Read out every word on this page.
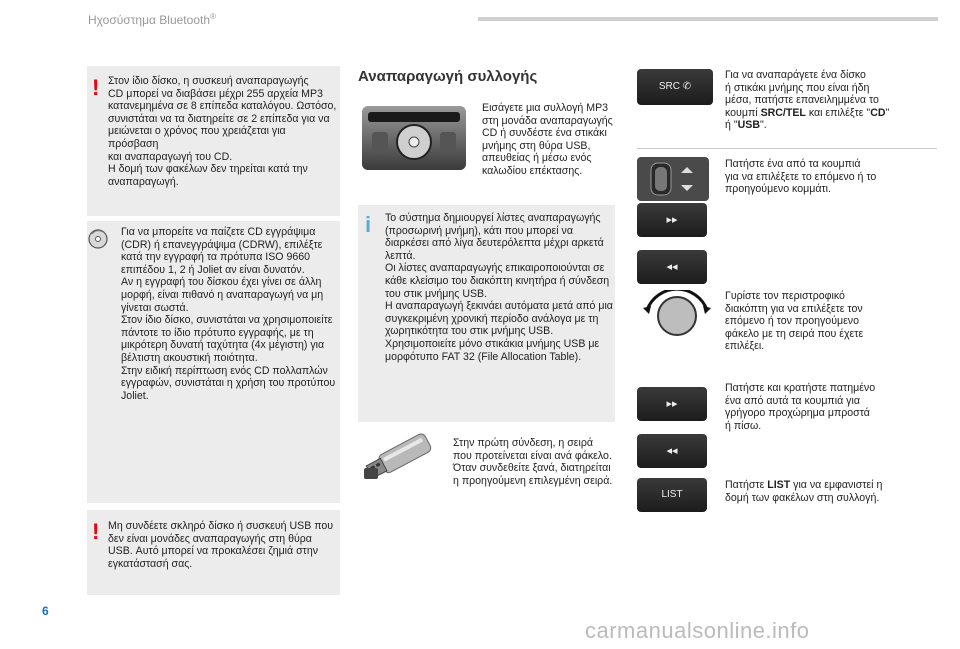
Ηχοσύστημα Bluetooth®
! Στον ίδιο δίσκο, η συσκευή αναπαραγωγής

CD μπορεί να διαβάσει μέχρι 255 αρχεία MP3

κατανεμημένα σε 8 επίπεδα καταλόγου. Ωστόσο,

συνιστάται να τα διατηρείτε σε 2 επίπεδα για να

μειώνεται ο χρόνος που χρειάζεται για πρόσβαση

και αναπαραγωγή του CD.

Η δομή των φακέλων δεν τηρείται κατά την

αναπαραγωγή.

Για να μπορείτε να παίζετε CD εγγράψιμα

(CDR) ή επανεγγράψιμα (CDRW), επιλέξτε

κατά την εγγραφή τα πρότυπα ISO 9660

επιπέδου 1, 2 ή Joliet αν είναι δυνατόν.

Αν η εγγραφή του δίσκου έχει γίνει σε άλλη

μορφή, είναι πιθανό η αναπαραγωγή να μη

γίνεται σωστά.

Στον ίδιο δίσκο, συνιστάται να χρησιμοποιείτε

πάντοτε το ίδιο πρότυπο εγγραφής, με τη

μικρότερη δυνατή ταχύτητα (4x μέγιστη) για

βέλτιστη ακουστική ποιότητα.

Στην ειδική περίπτωση ενός CD πολλαπλών

εγγραφών, συνιστάται η χρήση του προτύπου

Joliet.

! Μη συνδέετε σκληρό δίσκο ή συσκευή USB που

δεν είναι μονάδες αναπαραγωγής στη θύρα

USB. Αυτό μπορεί να προκαλέσει ζημιά στην

εγκατάστασή σας.

Αναπαραγωγή συλλογής

Εισάγετε μια συλλογή MP3

στη μονάδα αναπαραγωγής

CD ή συνδέστε ένα στικάκι

μνήμης στη θύρα USB,

απευθείας ή μέσω ενός

καλωδίου επέκτασης.

i Το σύστημα δημιουργεί λίστες αναπαραγωγής

(προσωρινή μνήμη), κάτι που μπορεί να

διαρκέσει από λίγα δευτερόλεπτα μέχρι αρκετά

λεπτά.

Οι λίστες αναπαραγωγής επικαιροποιούνται σε

κάθε κλείσιμο του διακόπτη κινητήρα ή σύνδεση

του στικ μνήμης USB.

Η αναπαραγωγή ξεκινάει αυτόματα μετά από μια

συγκεκριμένη χρονική περίοδο ανάλογα με τη

χωρητικότητα του στικ μνήμης USB.

Χρησιμοποιείτε μόνο στικάκια μνήμης USB με

μορφότυπο FAT 32 (File Allocation Table).

Στην πρώτη σύνδεση, η σειρά

που προτείνεται είναι ανά φάκελο.

Όταν συνδεθείτε ξανά, διατηρείται

η προηγούμενη επιλεγμένη σειρά.

SRC ✆
▸▸
◂◂
▸▸
◂◂
LIST

Για να αναπαράγετε ένα δίσκο

ή στικάκι μνήμης που είναι ήδη

μέσα, πατήστε επανειλημμένα το

κουμπί SRC/TEL και επιλέξτε "CD"

ή "USB".

Πατήστε ένα από τα κουμπιά

για να επιλέξετε το επόμενο ή το

προηγούμενο κομμάτι.

Γυρίστε τον περιστροφικό

διακόπτη για να επιλέξετε τον

επόμενο ή τον προηγούμενο

φάκελο με τη σειρά που έχετε

επιλέξει.

Πατήστε και κρατήστε πατημένο

ένα από αυτά τα κουμπιά για

γρήγορο προχώρημα μπροστά

ή πίσω.

Πατήστε LIST για να εμφανιστεί η

δομή των φακέλων στη συλλογή.

6
carmanualsonline.info
